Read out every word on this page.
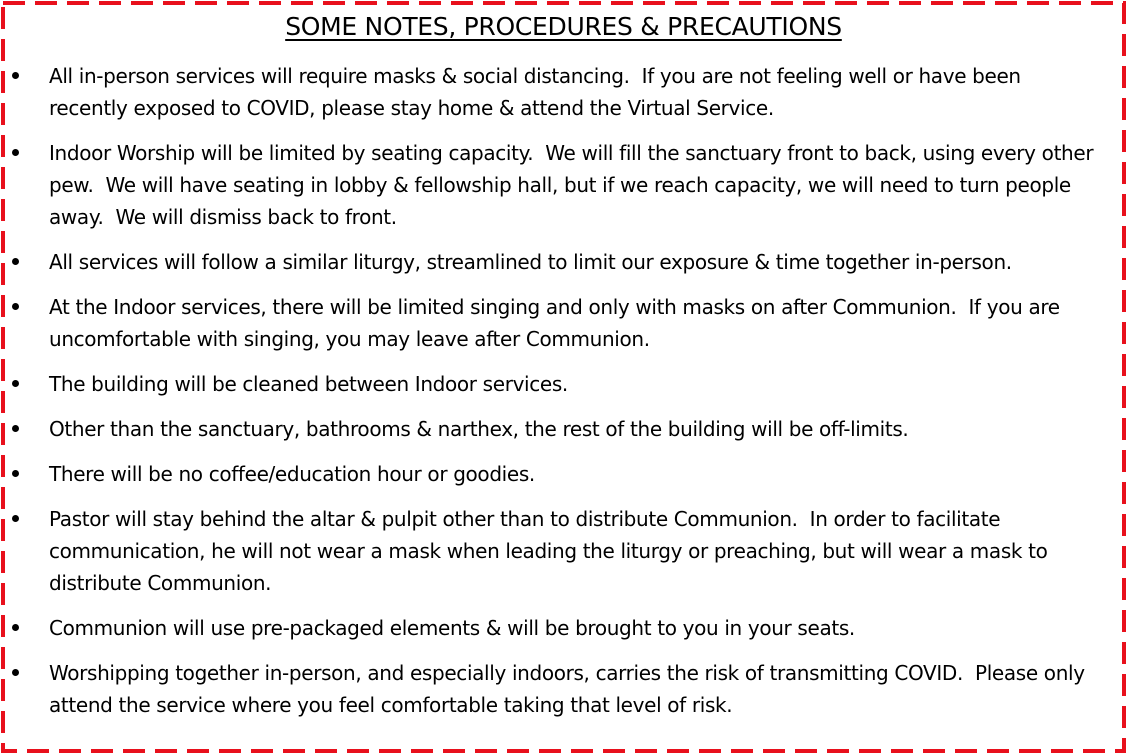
SOME NOTES, PROCEDURES & PRECAUTIONS
All in-person services will require masks & social distancing.  If you are not feeling well or have been recently exposed to COVID, please stay home & attend the Virtual Service.
Indoor Worship will be limited by seating capacity.  We will fill the sanctuary front to back, using every other pew.  We will have seating in lobby & fellowship hall, but if we reach capacity, we will need to turn people away.  We will dismiss back to front.
All services will follow a similar liturgy, streamlined to limit our exposure & time together in-person.
At the Indoor services, there will be limited singing and only with masks on after Communion.  If you are uncomfortable with singing, you may leave after Communion.
The building will be cleaned between Indoor services.
Other than the sanctuary, bathrooms & narthex, the rest of the building will be off-limits.
There will be no coffee/education hour or goodies.
Pastor will stay behind the altar & pulpit other than to distribute Communion.  In order to facilitate communication, he will not wear a mask when leading the liturgy or preaching, but will wear a mask to distribute Communion.
Communion will use pre-packaged elements & will be brought to you in your seats.
Worshipping together in-person, and especially indoors, carries the risk of transmitting COVID.  Please only attend the service where you feel comfortable taking that level of risk.
